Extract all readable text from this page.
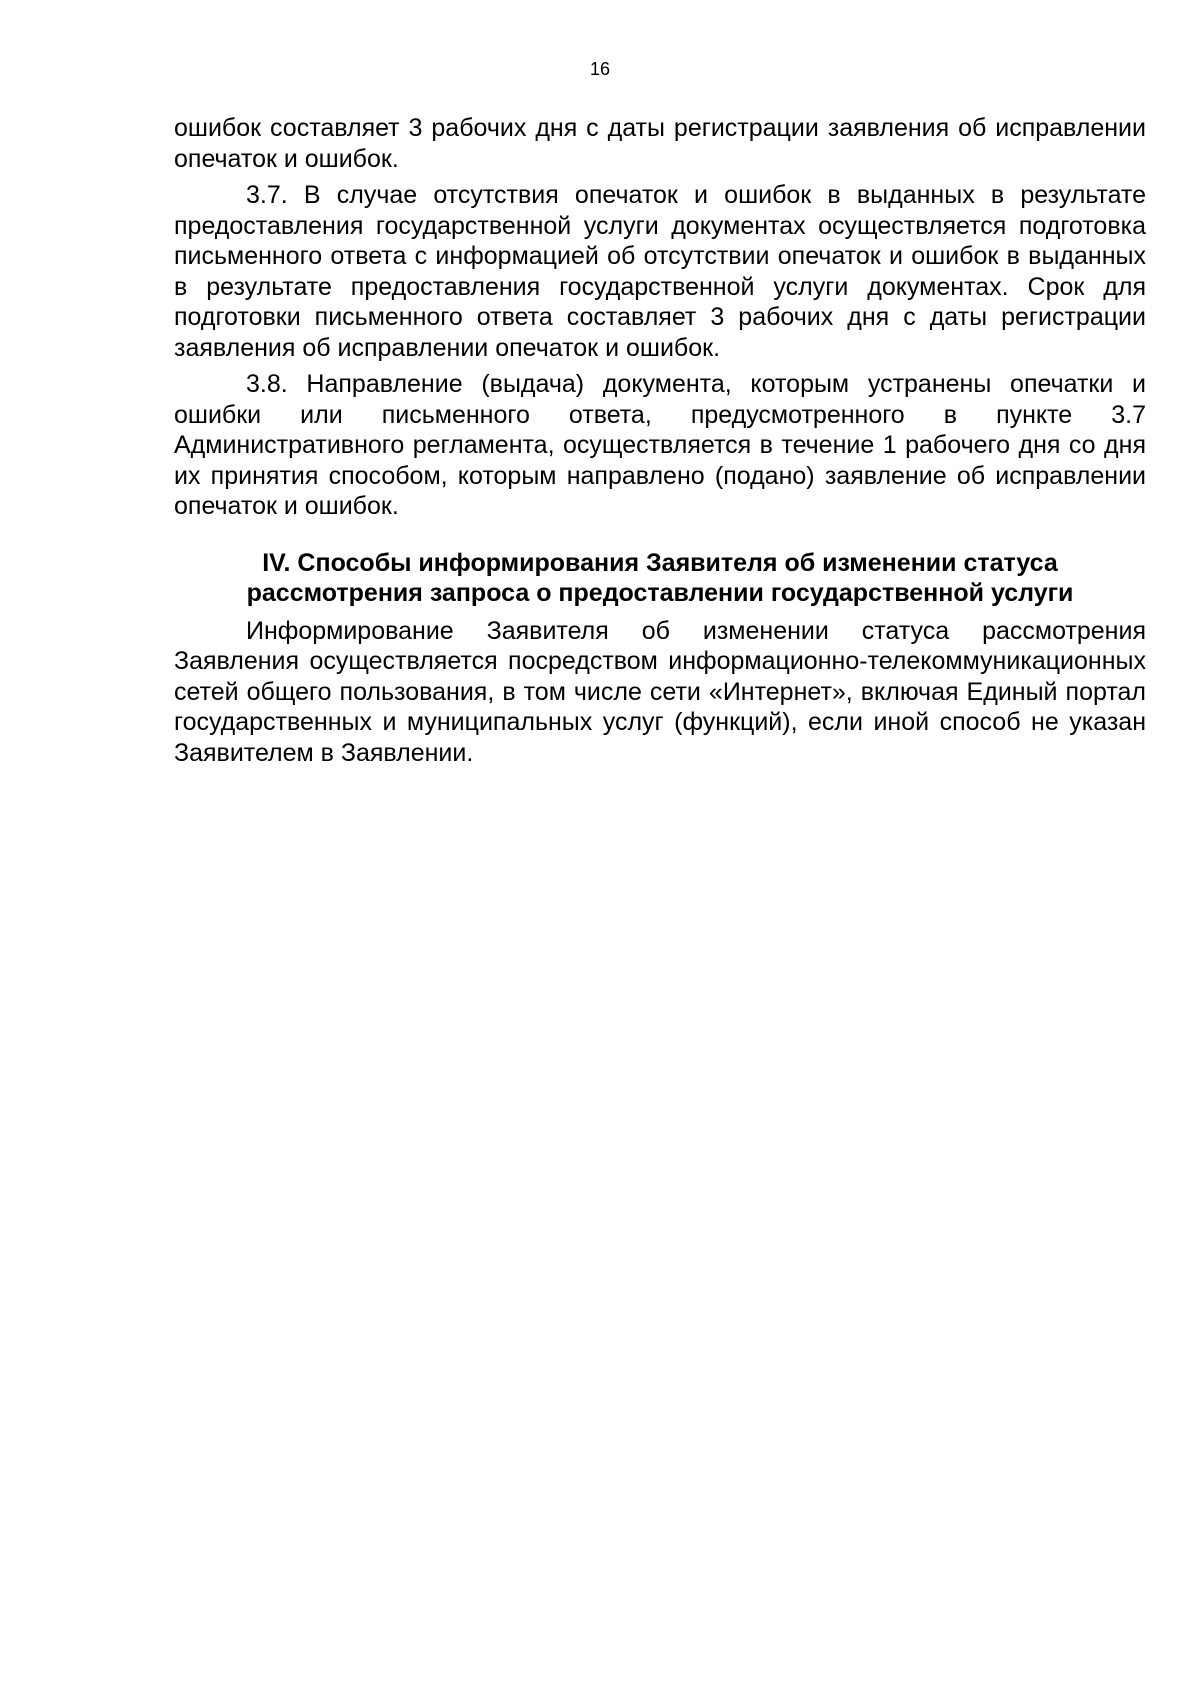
16

ошибок составляет 3 рабочих дня с даты регистрации заявления об исправлении опечаток и ошибок.

3.7. В случае отсутствия опечаток и ошибок в выданных в результате предоставления государственной услуги документах осуществляется подготовка письменного ответа с информацией об отсутствии опечаток и ошибок в выданных в результате предоставления государственной услуги документах. Срок для подготовки письменного ответа составляет 3 рабочих дня с даты регистрации заявления об исправлении опечаток и ошибок.

3.8. Направление (выдача) документа, которым устранены опечатки и ошибки или письменного ответа, предусмотренного в пункте 3.7 Административного регламента, осуществляется в течение 1 рабочего дня со дня их принятия способом, которым направлено (подано) заявление об исправлении опечаток и ошибок.

IV. Способы информирования Заявителя об изменении статуса
рассмотрения запроса о предоставлении государственной услуги

Информирование Заявителя об изменении статуса рассмотрения Заявления осуществляется посредством информационно-телекоммуникационных сетей общего пользования, в том числе сети «Интернет», включая Единый портал государственных и муниципальных услуг (функций), если иной способ не указан Заявителем в Заявлении.
